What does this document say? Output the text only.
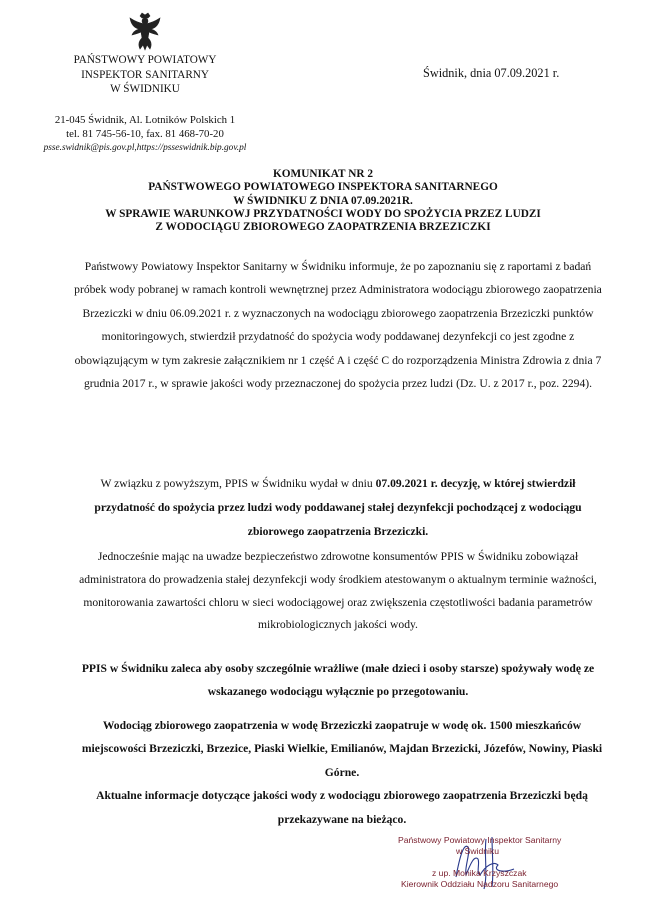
PAŃSTWOWY POWIATOWY
INSPEKTOR SANITARNY
W ŚWIDNIKU
Świdnik, dnia 07.09.2021 r.
21-045 Świdnik, Al. Lotników Polskich 1
tel. 81 745-56-10, fax. 81 468-70-20
psse.swidnik@pis.gov.pl,https://psseswidnik.bip.gov.pl
KOMUNIKAT NR 2
PAŃSTWOWEGO POWIATOWEGO INSPEKTORA SANITARNEGO
W ŚWIDNIKU Z DNIA 07.09.2021R.
W SPRAWIE WARUNKOWJ PRZYDATNOŚCI WODY DO SPOŻYCIA PRZEZ LUDZI
Z WODOCIĄGU ZBIOROWEGO ZAOPATRZENIA BRZEZICZKI
Państwowy Powiatowy Inspektor Sanitarny w Świdniku informuje, że po zapoznaniu się z raportami z badań próbek wody pobranej w ramach kontroli wewnętrznej przez Administratora wodociągu zbiorowego zaopatrzenia Brzeziczki w dniu 06.09.2021 r. z wyznaczonych na wodociągu zbiorowego zaopatrzenia Brzeziczki punktów monitoringowych, stwierdził przydatność do spożycia wody poddawanej dezynfekcji co jest zgodne z obowiązującym w tym zakresie załącznikiem nr 1 część A i część C do rozporządzenia Ministra Zdrowia z dnia 7 grudnia 2017 r., w sprawie jakości wody przeznaczonej do spożycia przez ludzi (Dz. U. z 2017 r., poz. 2294).
W związku z powyższym, PPIS w Świdniku wydał w dniu 07.09.2021 r. decyzję, w której stwierdził przydatność do spożycia przez ludzi wody poddawanej stałej dezynfekcji pochodzącej z wodociągu zbiorowego zaopatrzenia Brzeziczki.
Jednocześnie mając na uwadze bezpieczeństwo zdrowotne konsumentów PPIS w Świdniku zobowiązał administratora do prowadzenia stałej dezynfekcji wody środkiem atestowanym o aktualnym terminie ważności, monitorowania zawartości chloru w sieci wodociągowej oraz zwiększenia częstotliwości badania parametrów mikrobiologicznych jakości wody.
PPIS w Świdniku zaleca aby osoby szczególnie wrażliwe (małe dzieci i osoby starsze) spożywały wodę ze wskazanego wodociągu wyłącznie po przegotowaniu.
Wodociąg zbiorowego zaopatrzenia w wodę Brzeziczki zaopatruje w wodę ok. 1500 mieszkańców miejscowości Brzeziczki, Brzezice, Piaski Wielkie, Emilianów, Majdan Brzezicki, Józefów, Nowiny, Piaski Górne.
Aktualne informacje dotyczące jakości wody z wodociągu zbiorowego zaopatrzenia Brzeziczki będą przekazywane na bieżąco.
Państwowy Powiatowy Inspektor Sanitarny
w Świdniku
z up. Monika Krzyszczak
Kierownik Oddziału Nadzoru Sanitarnego
